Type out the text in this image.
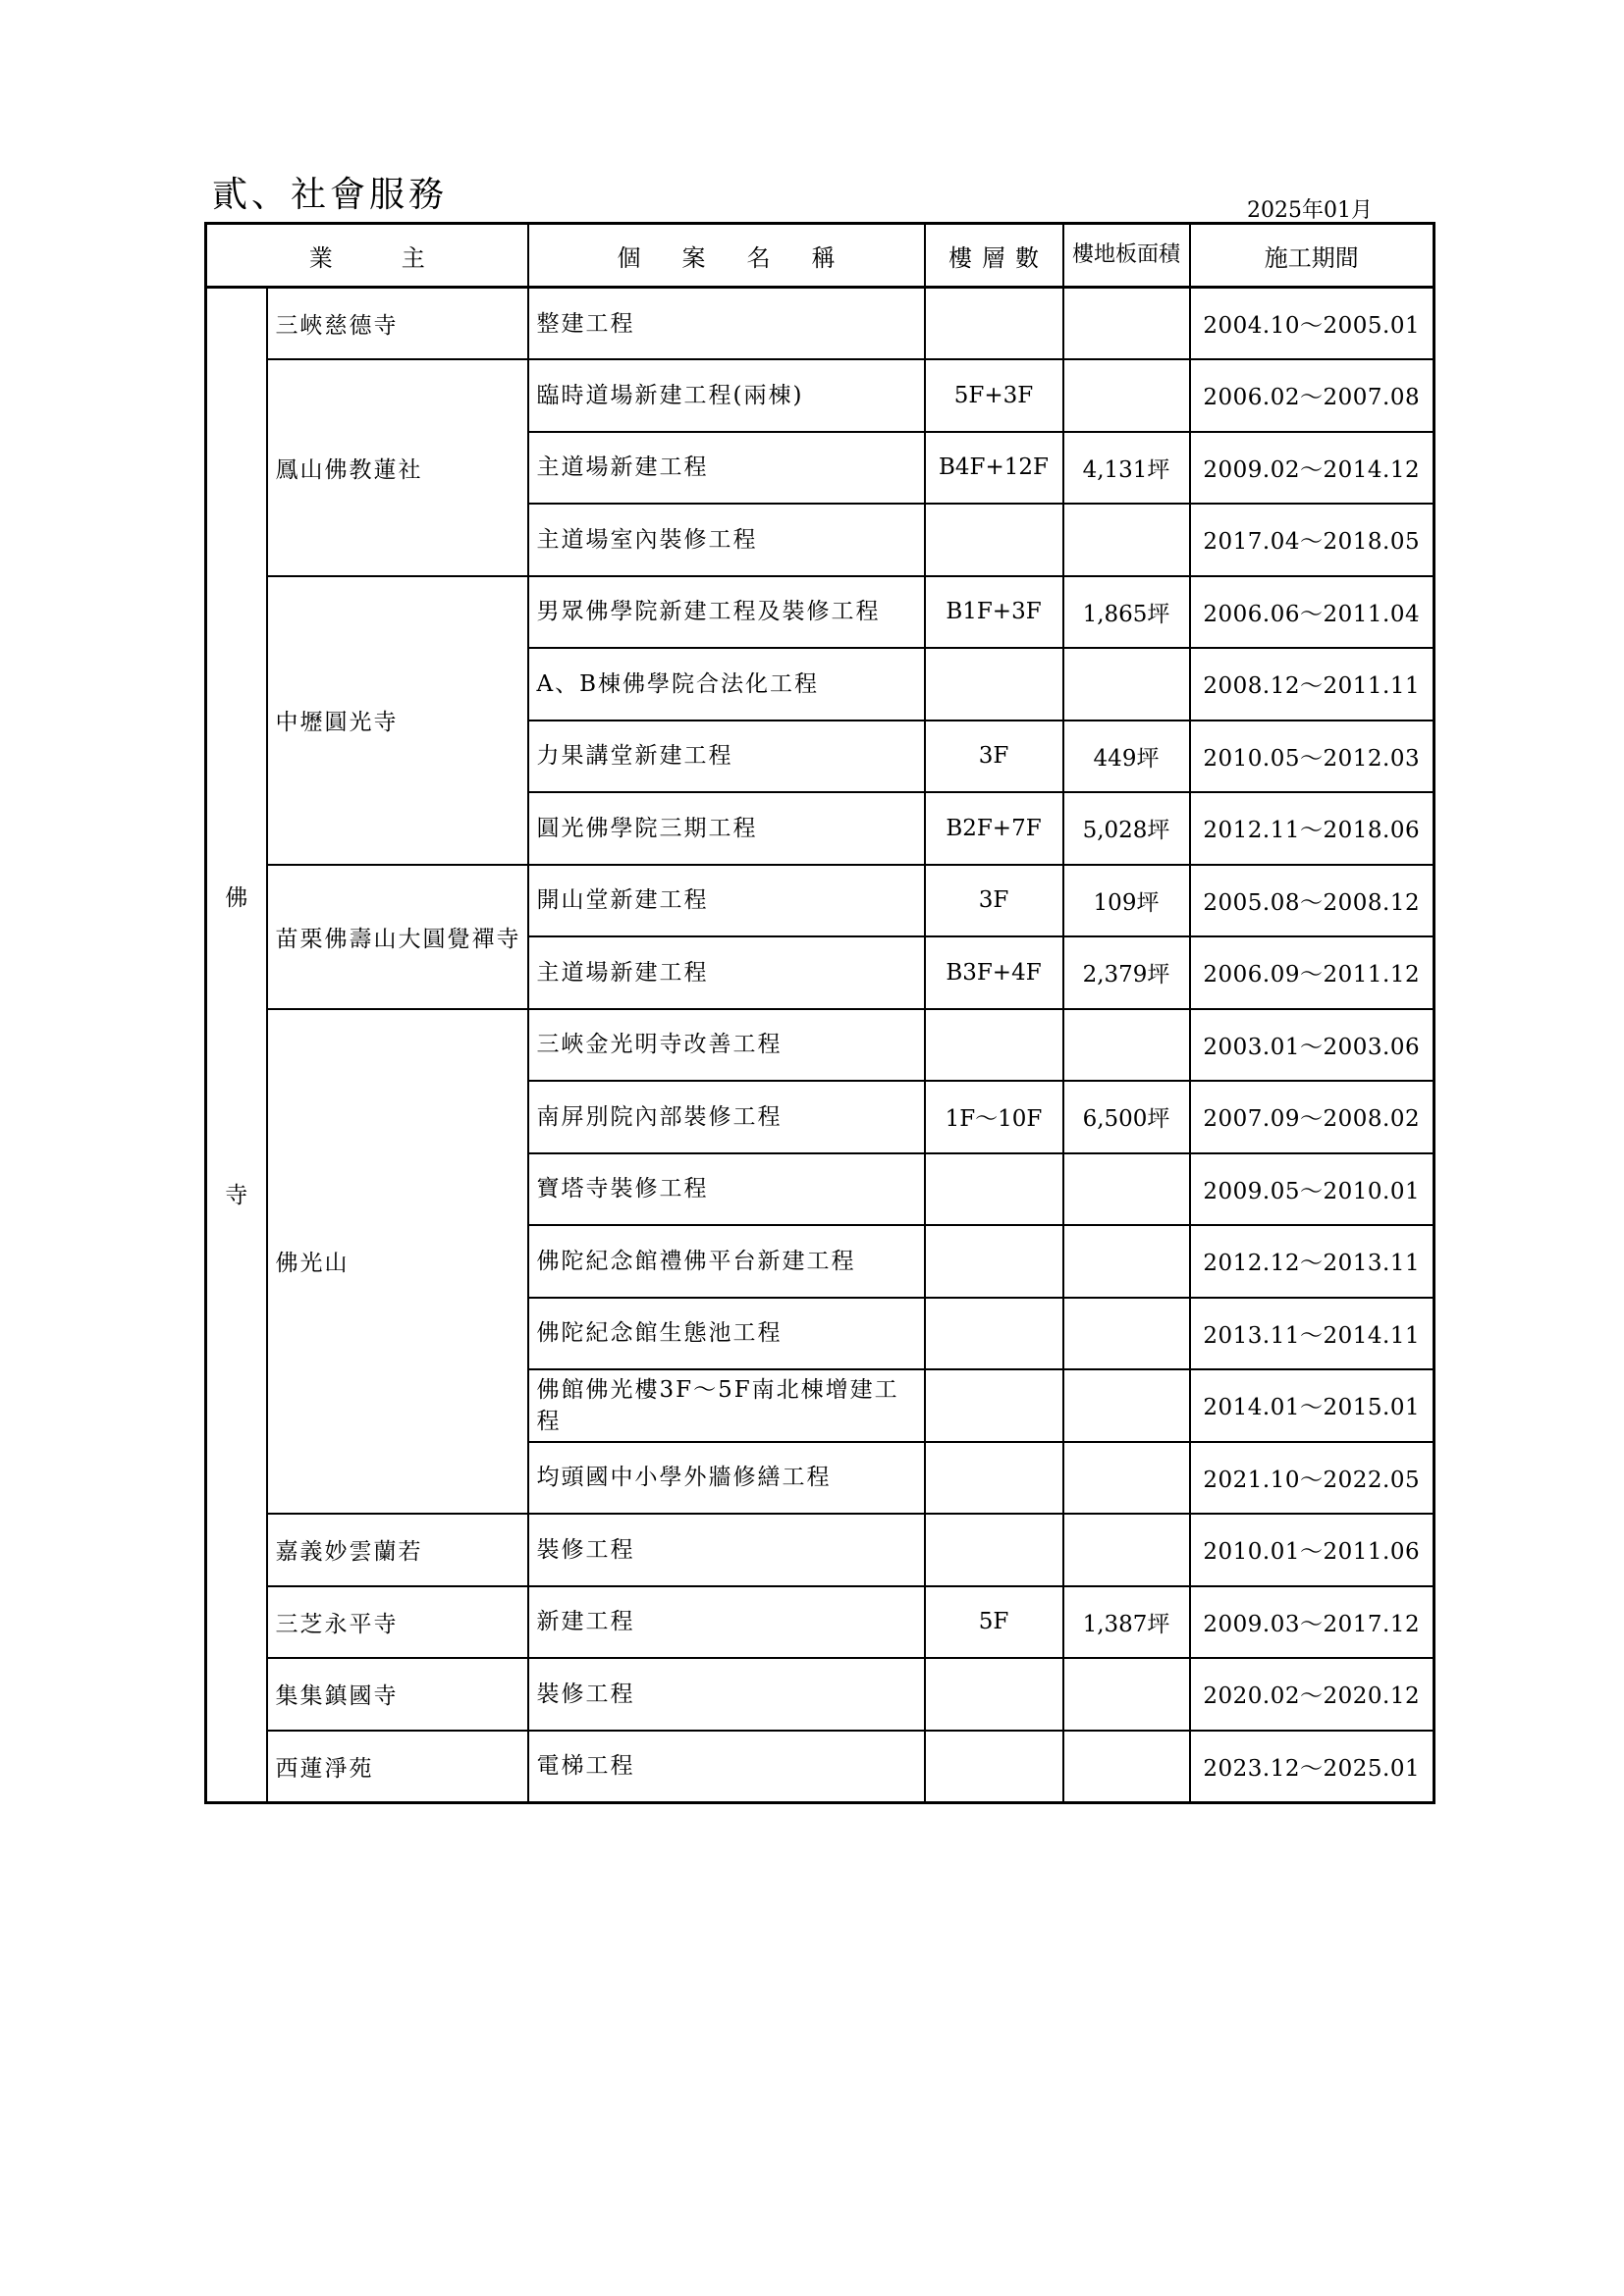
貳、社會服務	2025年01月
業主		個案名稱	樓層數	樓地板面積	施工期間

佛
寺	三峽慈德寺	整建工程			2004.10～2005.01
	鳳山佛教蓮社	臨時道場新建工程(兩棟)	5F+3F		2006.02～2007.08
		主道場新建工程	B4F+12F	4,131坪	2009.02～2014.12
		主道場室內裝修工程			2017.04～2018.05
	中壢圓光寺	男眾佛學院新建工程及裝修工程	B1F+3F	1,865坪	2006.06～2011.04
		A、B棟佛學院合法化工程			2008.12～2011.11
		力果講堂新建工程	3F	449坪	2010.05～2012.03
		圓光佛學院三期工程	B2F+7F	5,028坪	2012.11～2018.06
	苗栗佛壽山大圓覺禪寺	開山堂新建工程	3F	109坪	2005.08～2008.12
		主道場新建工程	B3F+4F	2,379坪	2006.09～2011.12
	佛光山	三峽金光明寺改善工程			2003.01～2003.06
		南屏別院內部裝修工程	1F～10F	6,500坪	2007.09～2008.02
		寶塔寺裝修工程			2009.05～2010.01
		佛陀紀念館禮佛平台新建工程			2012.12～2013.11
		佛陀紀念館生態池工程			2013.11～2014.11
		佛館佛光樓3F～5F南北棟增建工程			2014.01～2015.01
		均頭國中小學外牆修繕工程			2021.10～2022.05
	嘉義妙雲蘭若	裝修工程			2010.01～2011.06
	三芝永平寺	新建工程	5F	1,387坪	2009.03～2017.12
	集集鎮國寺	裝修工程			2020.02～2020.12
	西蓮淨苑	電梯工程			2023.12～2025.01
